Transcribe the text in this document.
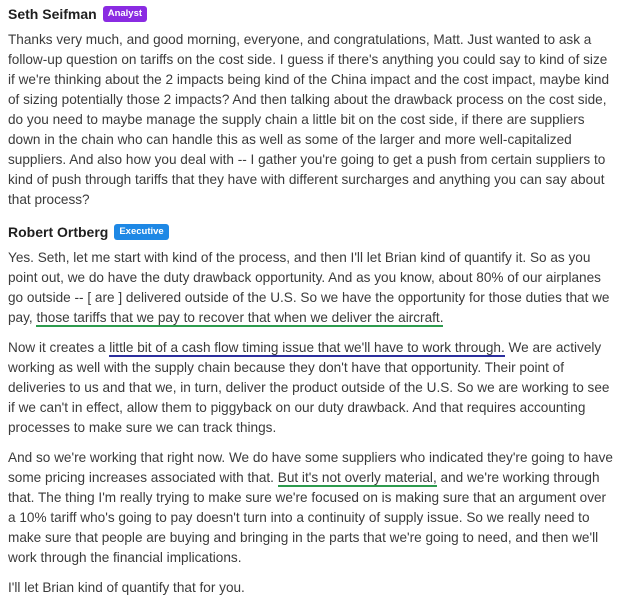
Seth Seifman	Analyst

Thanks very much, and good morning, everyone, and congratulations, Matt. Just wanted to ask a follow-up question on tariffs on the cost side. I guess if there's anything you could say to kind of size if we're thinking about the 2 impacts being kind of the China impact and the cost impact, maybe kind of sizing potentially those 2 impacts? And then talking about the drawback process on the cost side, do you need to maybe manage the supply chain a little bit on the cost side, if there are suppliers down in the chain who can handle this as well as some of the larger and more well-capitalized suppliers. And also how you deal with -- I gather you're going to get a push from certain suppliers to kind of push through tariffs that they have with different surcharges and anything you can say about that process?

Robert Ortberg	Executive

Yes. Seth, let me start with kind of the process, and then I'll let Brian kind of quantify it. So as you point out, we do have the duty drawback opportunity. And as you know, about 80% of our airplanes go outside -- [ are ] delivered outside of the U.S. So we have the opportunity for those duties that we pay, those tariffs that we pay to recover that when we deliver the aircraft.

Now it creates a little bit of a cash flow timing issue that we'll have to work through. We are actively working as well with the supply chain because they don't have that opportunity. Their point of deliveries to us and that we, in turn, deliver the product outside of the U.S. So we are working to see if we can't in effect, allow them to piggyback on our duty drawback. And that requires accounting processes to make sure we can track things.

And so we're working that right now. We do have some suppliers who indicated they're going to have some pricing increases associated with that. But it's not overly material, and we're working through that. The thing I'm really trying to make sure we're focused on is making sure that an argument over a 10% tariff who's going to pay doesn't turn into a continuity of supply issue. So we really need to make sure that people are buying and bringing in the parts that we're going to need, and then we'll work through the financial implications.

I'll let Brian kind of quantify that for you.
